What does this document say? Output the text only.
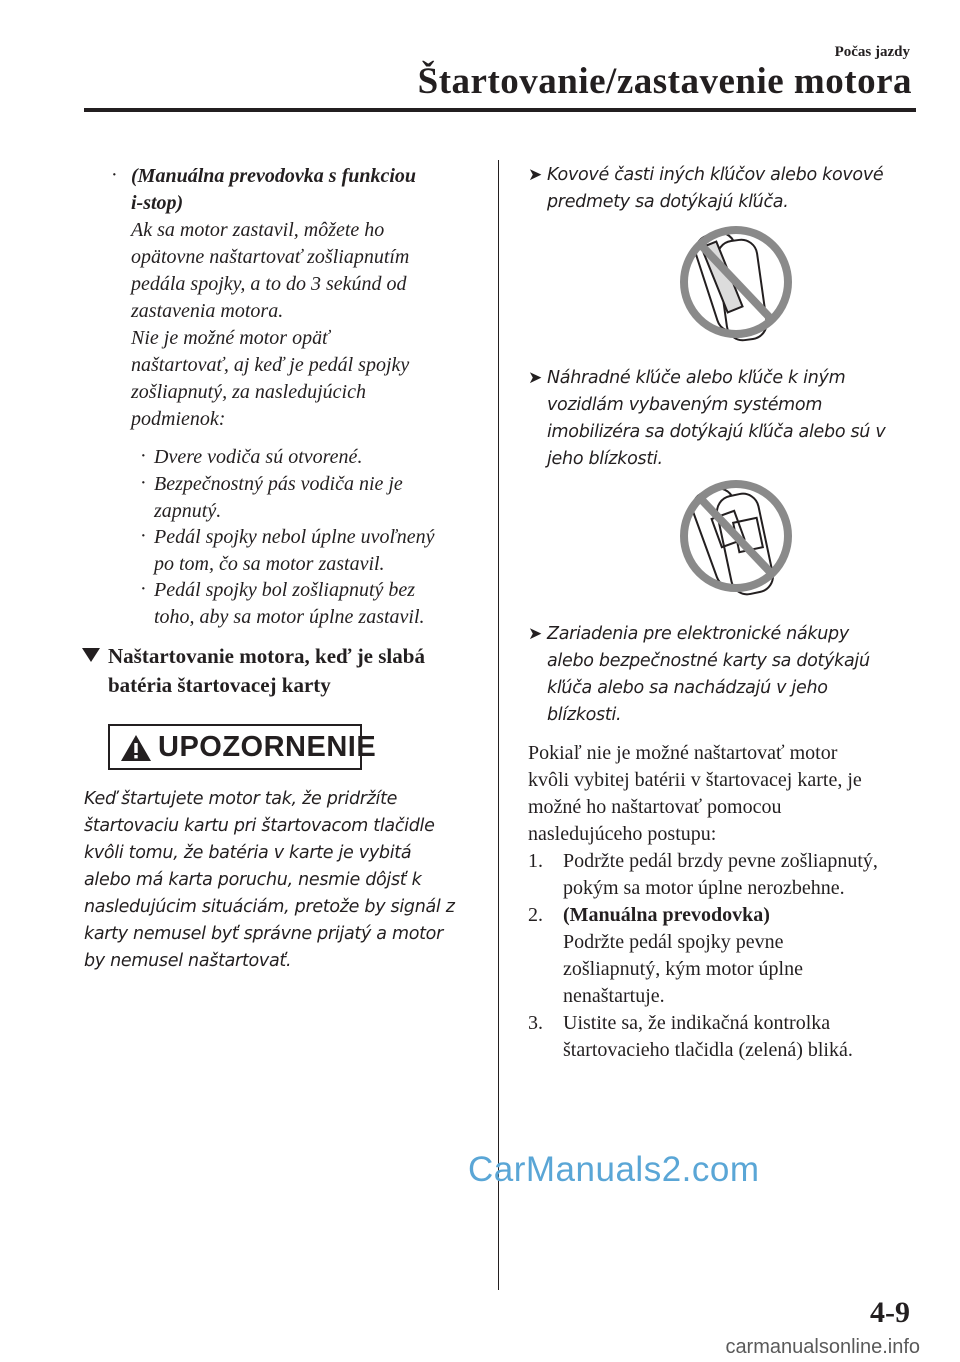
Počas jazdy
Štartovanie/zastavenie motora
· (Manuálna prevodovka s funkciou
i-stop)
Ak sa motor zastavil, môžete ho
opätovne naštartovať zošliapnutím
pedála spojky, a to do 3 sekúnd od
zastavenia motora.
Nie je možné motor opäť
naštartovať, aj keď je pedál spojky
zošliapnutý, za nasledujúcich
podmienok:
· Dvere vodiča sú otvorené.
· Bezpečnostný pás vodiča nie je
zapnutý.
· Pedál spojky nebol úplne uvoľnený
po tom, čo sa motor zastavil.
· Pedál spojky bol zošliapnutý bez
toho, aby sa motor úplne zastavil.
Naštartovanie motora, keď je slabá
batéria štartovacej karty
UPOZORNENIE
Keď štartujete motor tak, že pridržíte
štartovaciu kartu pri štartovacom tlačidle
kvôli tomu, že batéria v karte je vybitá
alebo má karta poruchu, nesmie dôjsť k
nasledujúcim situáciám, pretože by signál z
karty nemusel byť správne prijatý a motor
by nemusel naštartovať.
➤ Kovové časti iných kľúčov alebo kovové
predmety sa dotýkajú kľúča.
➤ Náhradné kľúče alebo kľúče k iným
vozidlám vybaveným systémom
imobilizéra sa dotýkajú kľúča alebo sú v
jeho blízkosti.
➤ Zariadenia pre elektronické nákupy
alebo bezpečnostné karty sa dotýkajú
kľúča alebo sa nachádzajú v jeho
blízkosti.
Pokiaľ nie je možné naštartovať motor
kvôli vybitej batérii v štartovacej karte, je
možné ho naštartovať pomocou
nasledujúceho postupu:
1. Podržte pedál brzdy pevne zošliapnutý,
pokým sa motor úplne nerozbehne.
2. (Manuálna prevodovka)
Podržte pedál spojky pevne
zošliapnutý, kým motor úplne
nenaštartuje.
3. Uistite sa, že indikačná kontrolka
štartovacieho tlačidla (zelená) bliká.
CarManuals2.com
4-9
carmanualsonline.info
